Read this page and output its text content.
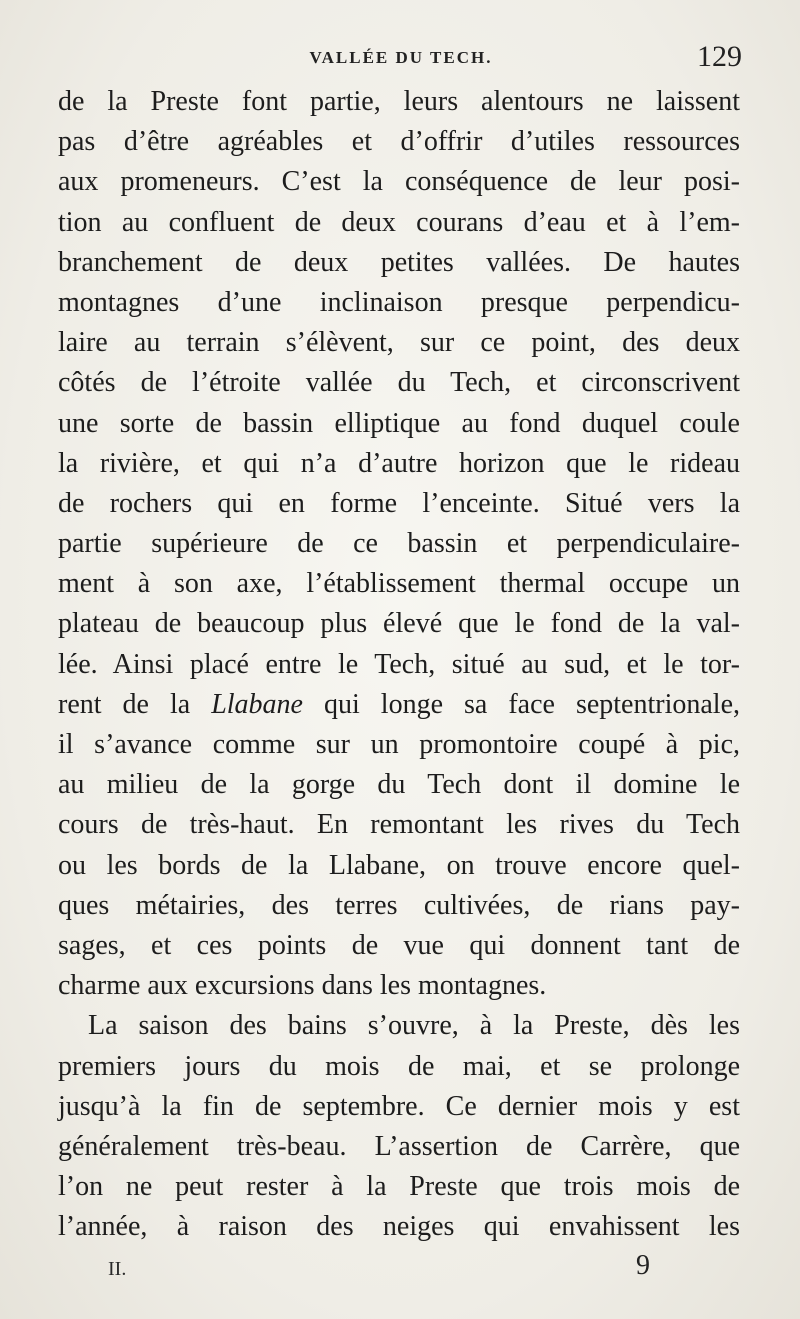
VALLÉE DU TECH.	129
de la Preste font partie, leurs alentours ne laissent
pas d’être agréables et d’offrir d’utiles ressources
aux promeneurs. C’est la conséquence de leur posi-
tion au confluent de deux courans d’eau et à l’em-
branchement de deux petites vallées. De hautes
montagnes d’une inclinaison presque perpendicu-
laire au terrain s’élèvent, sur ce point, des deux
côtés de l’étroite vallée du Tech, et circonscrivent
une sorte de bassin elliptique au fond duquel coule
la rivière, et qui n’a d’autre horizon que le rideau
de rochers qui en forme l’enceinte. Situé vers la
partie supérieure de ce bassin et perpendiculaire-
ment à son axe, l’établissement thermal occupe un
plateau de beaucoup plus élevé que le fond de la val-
lée. Ainsi placé entre le Tech, situé au sud, et le tor-
rent de la Llabane qui longe sa face septentrionale,
il s’avance comme sur un promontoire coupé à pic,
au milieu de la gorge du Tech dont il domine le
cours de très-haut. En remontant les rives du Tech
ou les bords de la Llabane, on trouve encore quel-
ques métairies, des terres cultivées, de rians pay-
sages, et ces points de vue qui donnent tant de
charme aux excursions dans les montagnes.
La saison des bains s’ouvre, à la Preste, dès les
premiers jours du mois de mai, et se prolonge
jusqu’à la fin de septembre. Ce dernier mois y est
généralement très-beau. L’assertion de Carrère, que
l’on ne peut rester à la Preste que trois mois de
l’année, à raison des neiges qui envahissent les
II.	9
